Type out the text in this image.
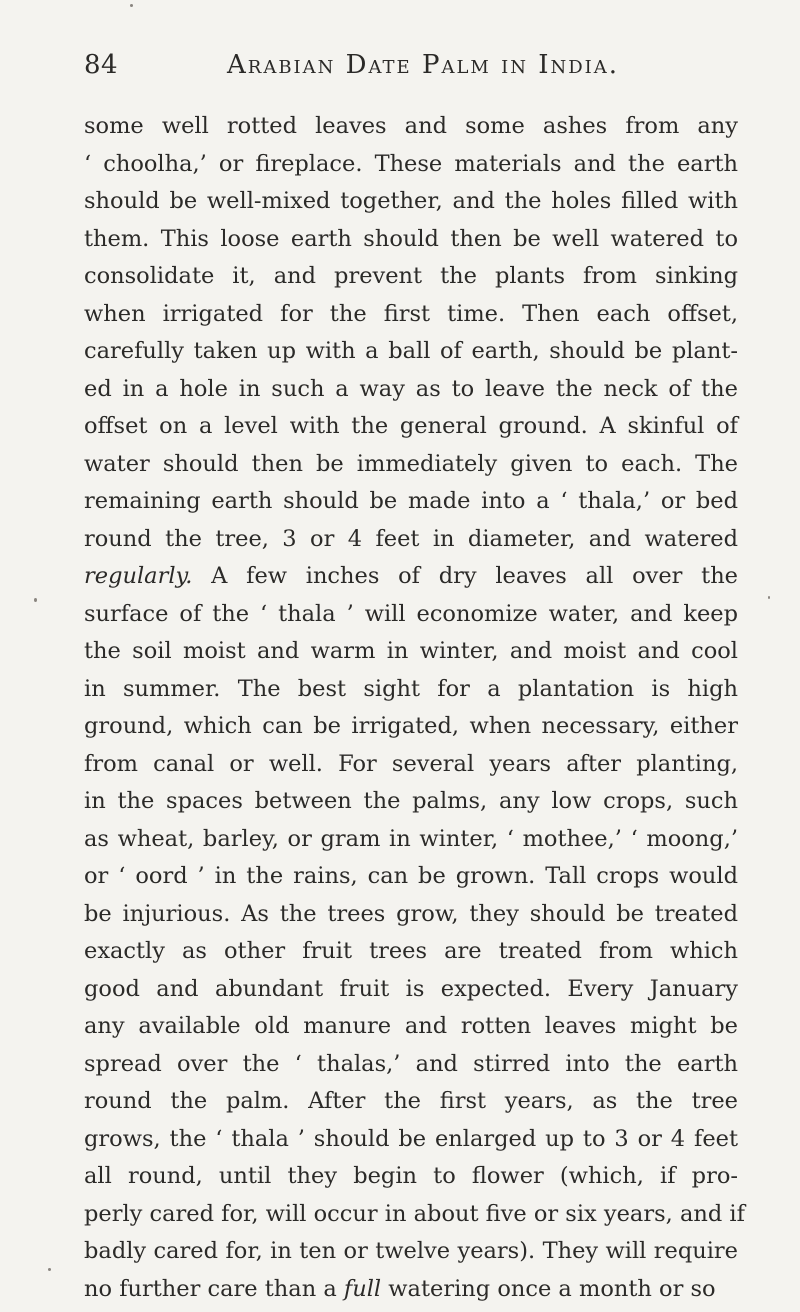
84	Arabian Date Palm in India.
some well rotted leaves and some ashes from any
‘ choolha,’ or fireplace. These materials and the earth
should be well-mixed together, and the holes filled with
them. This loose earth should then be well watered to
consolidate it, and prevent the plants from sinking
when irrigated for the first time. Then each offset,
carefully taken up with a ball of earth, should be plant-
ed in a hole in such a way as to leave the neck of the
offset on a level with the general ground. A skinful of
water should then be immediately given to each. The
remaining earth should be made into a ‘ thala,’ or bed
round the tree, 3 or 4 feet in diameter, and watered
regularly. A few inches of dry leaves all over the
surface of the ‘ thala ’ will economize water, and keep
the soil moist and warm in winter, and moist and cool
in summer. The best sight for a plantation is high
ground, which can be irrigated, when necessary, either
from canal or well. For several years after planting,
in the spaces between the palms, any low crops, such
as wheat, barley, or gram in winter, ‘ mothee,’ ‘ moong,’
or ‘ oord ’ in the rains, can be grown. Tall crops would
be injurious. As the trees grow, they should be treated
exactly as other fruit trees are treated from which
good and abundant fruit is expected. Every January
any available old manure and rotten leaves might be
spread over the ‘ thalas,’ and stirred into the earth
round the palm. After the first years, as the tree
grows, the ‘ thala ’ should be enlarged up to 3 or 4 feet
all round, until they begin to flower (which, if pro-
perly cared for, will occur in about five or six years, and if
badly cared for, in ten or twelve years). They will require
no further care than a full watering once a month or so
